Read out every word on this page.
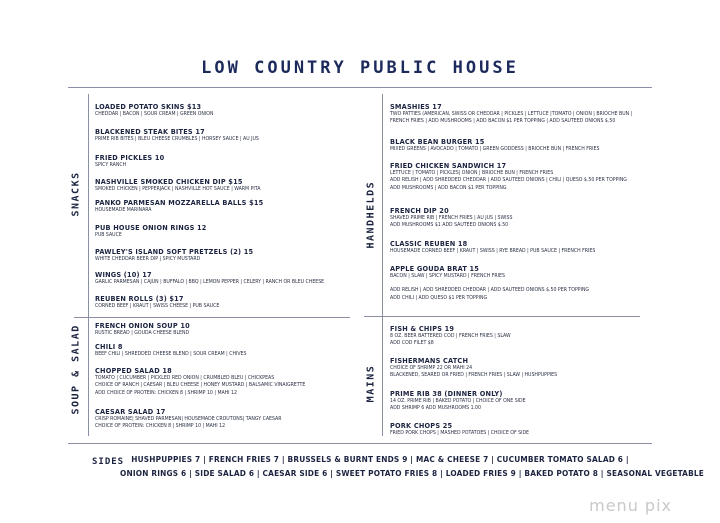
LOW COUNTRY PUBLIC HOUSE
SNACKS
SOUP & SALAD
HANDHELDS
MAINS
LOADED POTATO SKINS $13
CHEDDAR | BACON | SOUR CREAM | GREEN ONION
BLACKENED STEAK BITES 17
PRIME RIB BITES | BLEU CHEESE CRUMBLES | HORSEY SAUCE | AU JUS
FRIED PICKLES 10
SPICY RANCH
NASHVILLE SMOKED CHICKEN DIP $15
SMOKED CHICKEN | PEPPERJACK | NASHVILLE HOT SAUCE | WARM PITA
PANKO PARMESAN MOZZARELLA BALLS $15
HOUSEMADE MARINARA
PUB HOUSE ONION RINGS 12
PUB SAUCE
PAWLEY'S ISLAND SOFT PRETZELS (2) 15
WHITE CHEDDAR BEER DIP | SPICY MUSTARD
WINGS (10) 17
GARLIC PARMESAN | CAJUN | BUFFALO | BBQ | LEMON PEPPER | CELERY | RANCH OR BLEU CHEESE
REUBEN ROLLS (3) $17
CORNED BEEF | KRAUT | SWISS CHEESE | PUB SAUCE
FRENCH ONION SOUP 10
RUSTIC BREAD | GOUDA CHEESE BLEND
CHILI 8
BEEF CHILI | SHREDDED CHEESE BLEND | SOUR CREAM | CHIVES
CHOPPED SALAD 18
TOMATO | CUCUMBER | PICKLED RED ONION | CRUMBLED BLEU | CHICKPEAS
CHOICE OF RANCH | CAESAR | BLEU CHEESE | HONEY MUSTARD | BALSAMIC VINAIGRETTE
ADD CHOICE OF PROTEIN: CHICKEN 8 | SHRIMP 10 | MAHI 12
CAESAR SALAD 17
CRISP ROMAINE| SHAVED PARMESAN| HOUSEMADE CROUTONS| TANGY CAESAR
CHOICE OF PROTEIN: CHICKEN 8 | SHRIMP 10 | MAHI 12
SMASHIES 17
TWO PATTIES (AMERICAN, SWISS OR CHEDDAR | PICKLES | LETTUCE |TOMATO | ONION | BRIOCHE BUN |
FRENCH FRIES | ADD MUSHROOMS | ADD BACON $1 PER TOPPING | ADD SAUTEED ONIONS $.50
BLACK BEAN BURGER 15
MIXED GREENS | AVOCADO | TOMATO | GREEN GODDESS | BRIOCHE BUN | FRENCH FRIES
FRIED CHICKEN SANDWICH 17
LETTUCE | TOMATO | PICKLES| ONION | BRIOCHE BUN | FRENCH FRIES
ADD RELISH | ADD SHREDDED CHEDDAR | ADD SAUTEED ONIONS | CHILI | QUESO $.50 PER TOPPING
ADD MUSHROOMS | ADD BACON $1 PER TOPPING
FRENCH DIP 20
SHAVED PRIME RIB | FRENCH FRIES | AU JUS | SWISS
ADD MUSHROOMS $1 ADD SAUTEED ONIONS $.50
CLASSIC REUBEN 18
HOUSEMADE CORNED BEEF | KRAUT | SWISS | RYE BREAD | PUB SAUCE | FRENCH FRIES
APPLE GOUDA BRAT 15
BACON | SLAW | SPICY MUSTARD | FRENCH FRIES
ADD RELISH | ADD SHREDDED CHEDDAR | ADD SAUTEED ONIONS $.50 PER TOPPING
ADD CHILI | ADD QUESO $1 PER TOPPING
FISH & CHIPS 19
8 OZ. BEER BATTERED COD | FRENCH FRIES | SLAW
ADD COD FILET $8
FISHERMANS CATCH
CHOICE OF SHRIMP 22 OR MAHI 24
BLACKENED, SEARED OR FRIED | FRENCH FRIES | SLAW | HUSHPUPPIES
PRIME RIB 38 (DINNER ONLY)
14 OZ. PRIME RIB | BAKED POTATO | CHOICE OF ONE SIDE
ADD SHRIMP 6 ADD MUSHROOMS 1.00
PORK CHOPS 25
FRIED PORK CHOPS | MASHED POTATOES | CHOICE OF SIDE
SIDES HUSHPUPPIES 7 | FRENCH FRIES 7 | BRUSSELS & BURNT ENDS 9 | MAC & CHEESE 7 | CUCUMBER TOMATO SALAD 6 |
ONION RINGS 6 | SIDE SALAD 6 | CAESAR SIDE 6 | SWEET POTATO FRIES 8 | LOADED FRIES 9 | BAKED POTATO 8 | SEASONAL VEGETABLE
menu pix
